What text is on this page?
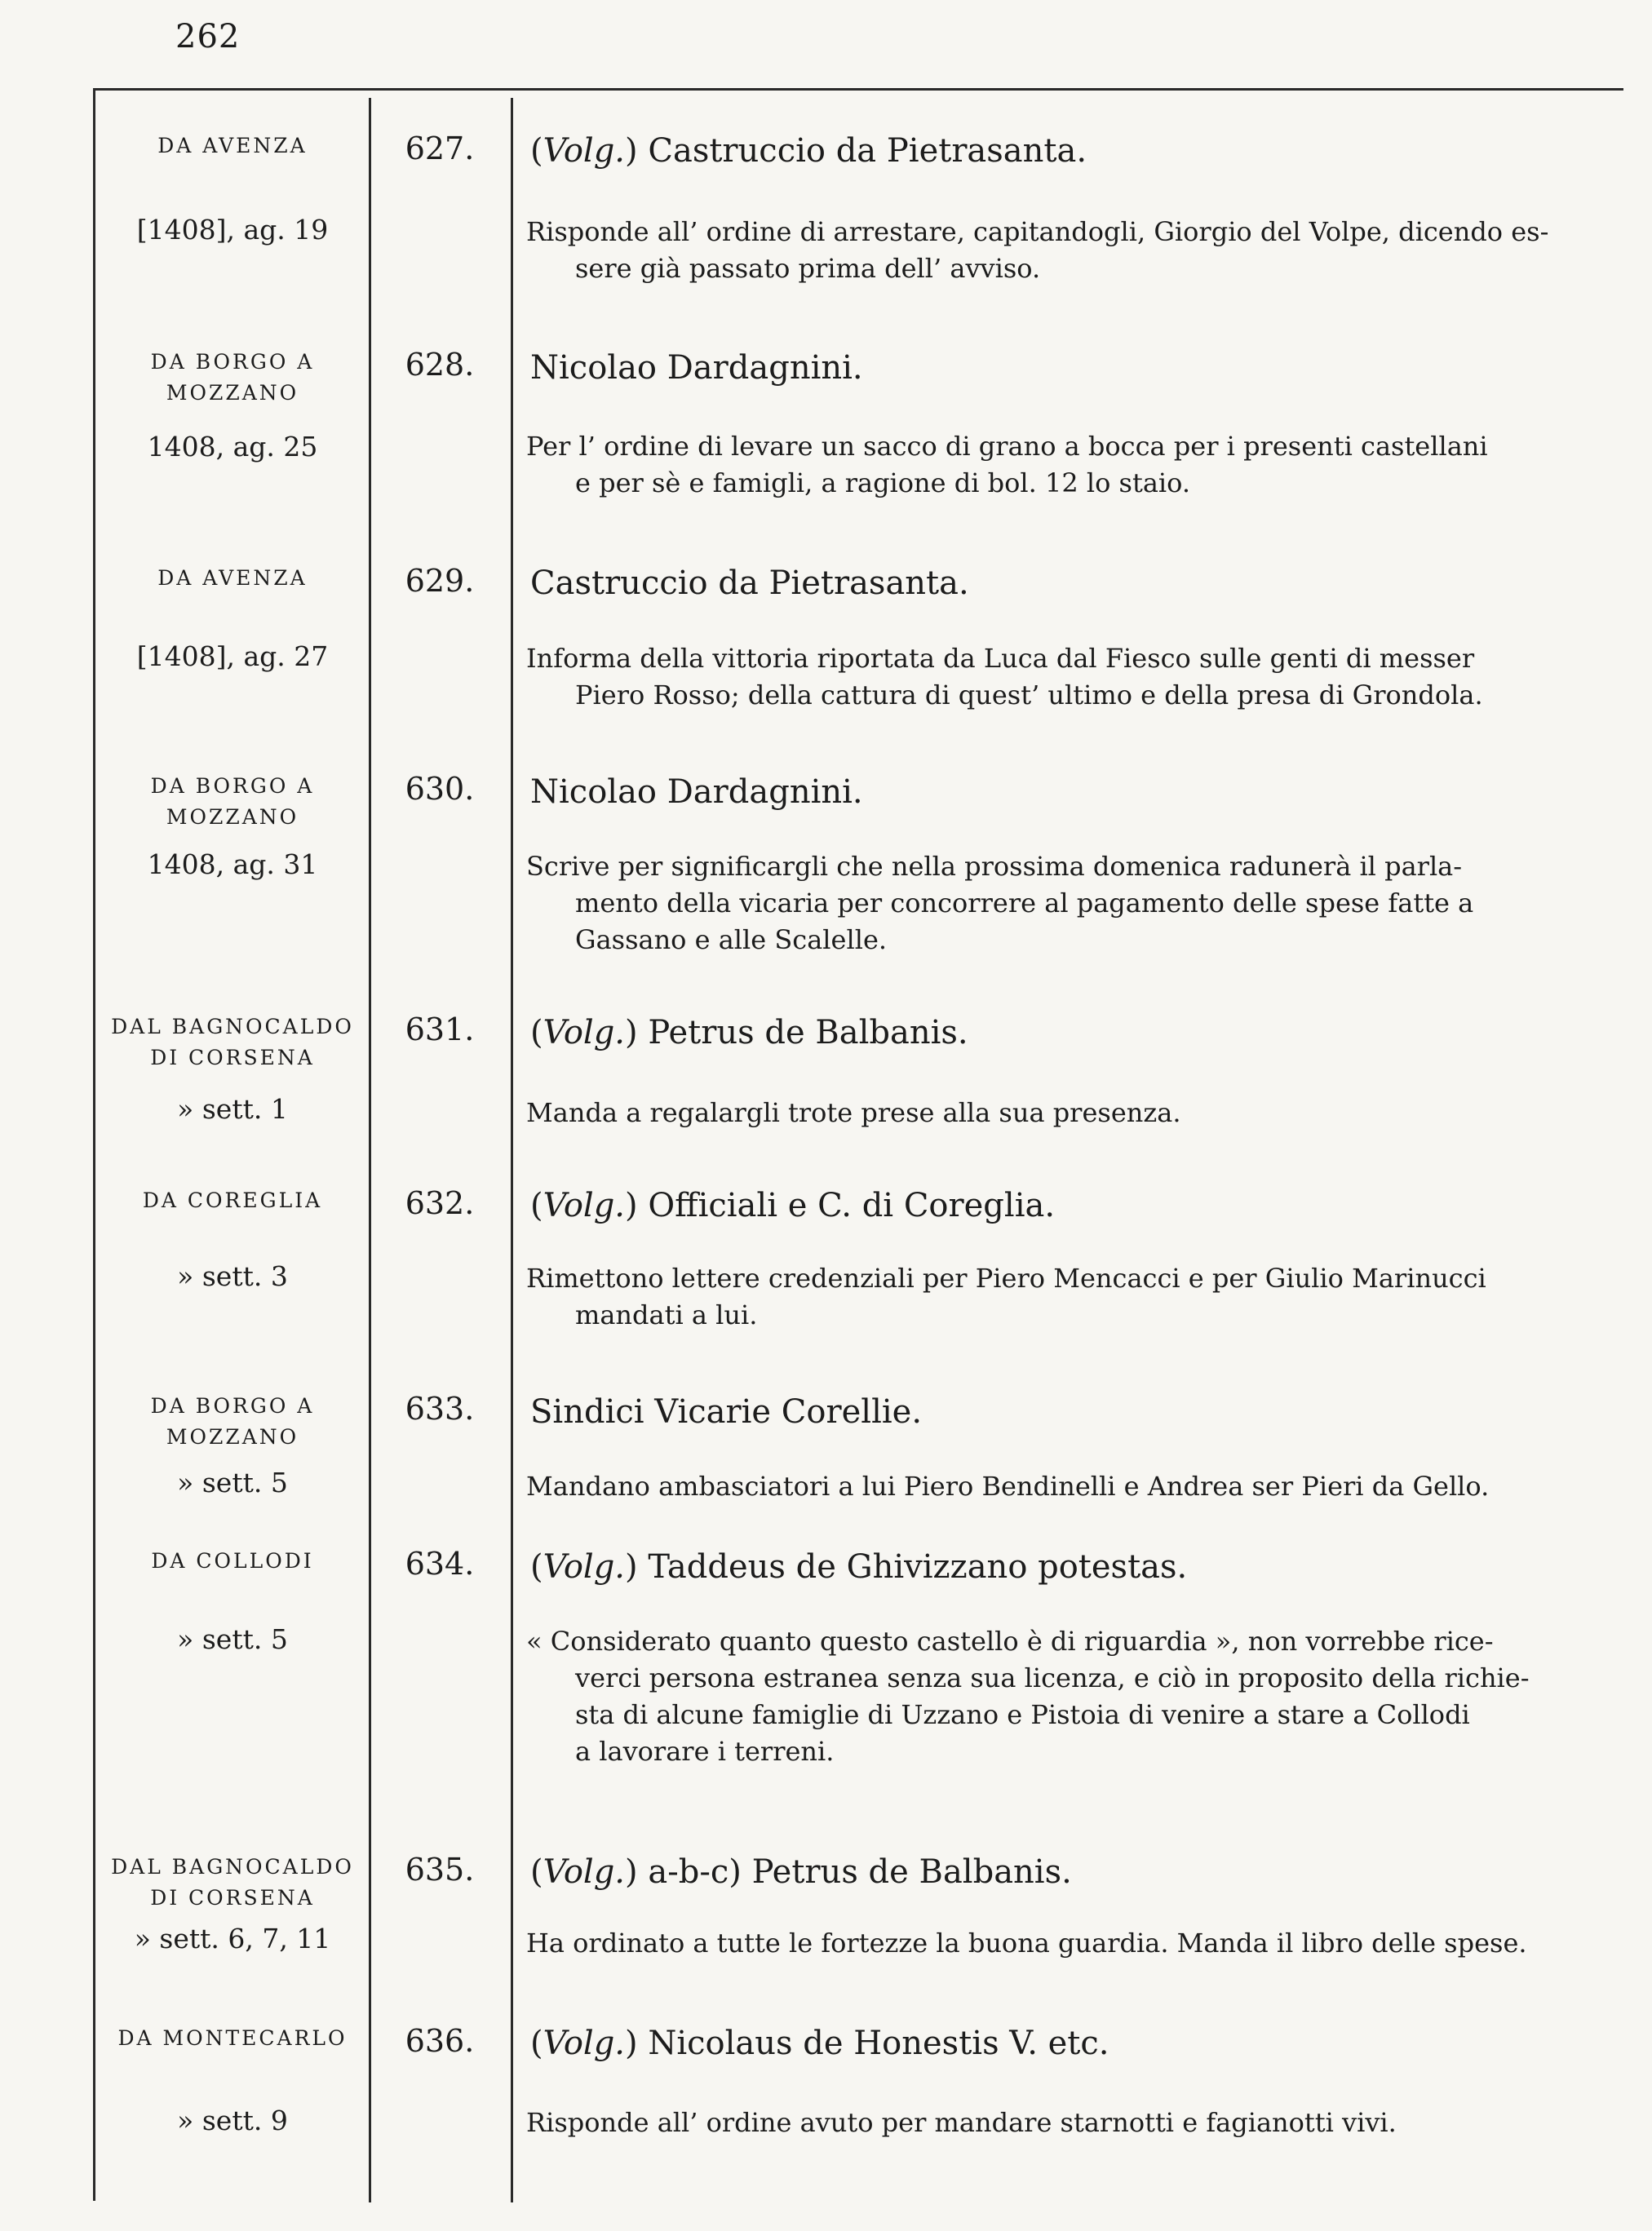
262
DA AVENZA
[1408], ag. 19
627.	(Volg.) Castruccio da Pietrasanta.
Risponde all’ ordine di arrestare, capitandogli, Giorgio del Volpe, dicendo es-
sere già passato prima dell’ avviso.
DA BORGO A
MOZZANO
1408, ag. 25
628.	Nicolao Dardagnini.
Per l’ ordine di levare un sacco di grano a bocca per i presenti castellani
e per sè e famigli, a ragione di bol. 12 lo staio.
DA AVENZA
[1408], ag. 27
629.	Castruccio da Pietrasanta.
Informa della vittoria riportata da Luca dal Fiesco sulle genti di messer
Piero Rosso; della cattura di quest’ ultimo e della presa di Grondola.
DA BORGO A
MOZZANO
1408, ag. 31
630.	Nicolao Dardagnini.
Scrive per significargli che nella prossima domenica radunerà il parla-
mento della vicaria per concorrere al pagamento delle spese fatte a
Gassano e alle Scalelle.
DAL BAGNOCALDO
DI CORSENA
» sett. 1
631.	(Volg.) Petrus de Balbanis.
Manda a regalargli trote prese alla sua presenza.
DA COREGLIA
» sett. 3
632.	(Volg.) Officiali e C. di Coreglia.
Rimettono lettere credenziali per Piero Mencacci e per Giulio Marinucci
mandati a lui.
DA BORGO A
MOZZANO
» sett. 5
633.	Sindici Vicarie Corellie.
Mandano ambasciatori a lui Piero Bendinelli e Andrea ser Pieri da Gello.
DA COLLODI
» sett. 5
634.	(Volg.) Taddeus de Ghivizzano potestas.
« Considerato quanto questo castello è di riguardia », non vorrebbe rice-
verci persona estranea senza sua licenza, e ciò in proposito della richie-
sta di alcune famiglie di Uzzano e Pistoia di venire a stare a Collodi
a lavorare i terreni.
DAL BAGNOCALDO
DI CORSENA
» sett. 6, 7, 11
635.	(Volg.) a-b-c) Petrus de Balbanis.
Ha ordinato a tutte le fortezze la buona guardia. Manda il libro delle spese.
DA MONTECARLO
» sett. 9
636.	(Volg.) Nicolaus de Honestis V. etc.
Risponde all’ ordine avuto per mandare starnotti e fagianotti vivi.
